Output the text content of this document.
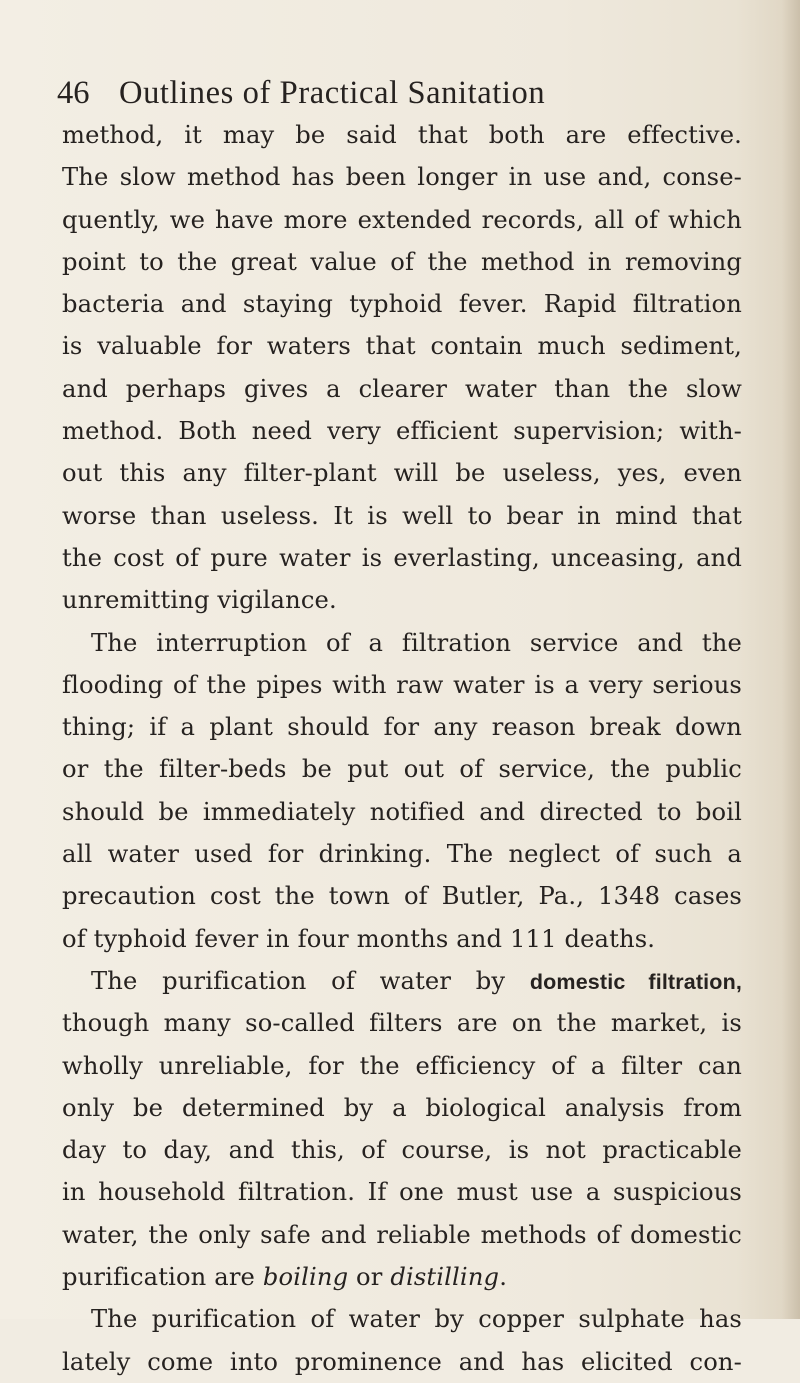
46 Outlines of Practical Sanitation
method, it may be said that both are effective.
The slow method has been longer in use and, conse-
quently, we have more extended records, all of which
point to the great value of the method in removing
bacteria and staying typhoid fever. Rapid filtration
is valuable for waters that contain much sediment,
and perhaps gives a clearer water than the slow
method. Both need very efficient supervision; with-
out this any filter-plant will be useless, yes, even
worse than useless. It is well to bear in mind that
the cost of pure water is everlasting, unceasing, and
unremitting vigilance.
The interruption of a filtration service and the
flooding of the pipes with raw water is a very serious
thing; if a plant should for any reason break down
or the filter-beds be put out of service, the public
should be immediately notified and directed to boil
all water used for drinking. The neglect of such a
precaution cost the town of Butler, Pa., 1348 cases
of typhoid fever in four months and 111 deaths.
The purification of water by domestic filtration,
though many so-called filters are on the market, is
wholly unreliable, for the efficiency of a filter can
only be determined by a biological analysis from
day to day, and this, of course, is not practicable
in household filtration. If one must use a suspicious
water, the only safe and reliable methods of domestic
purification are boiling or distilling.
The purification of water by copper sulphate has
lately come into prominence and has elicited con-
